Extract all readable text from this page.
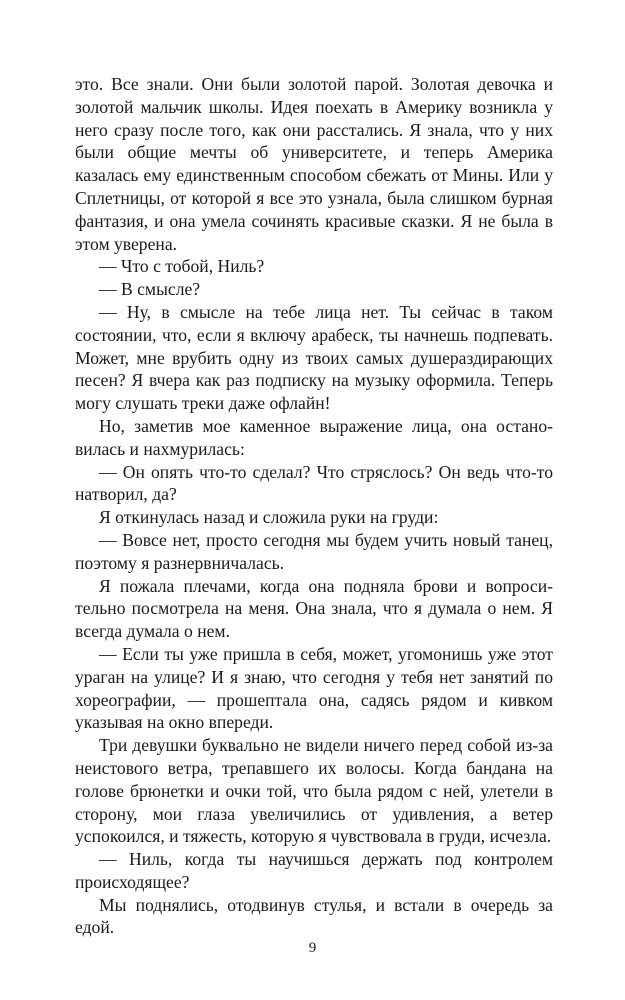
это. Все знали. Они были золотой парой. Золотая девочка и золотой мальчик школы. Идея поехать в Америку возникла у него сразу после того, как они расстались. Я знала, что у них были общие мечты об университете, и теперь Америка казалась ему единственным способом сбежать от Мины. Или у Сплетницы, от которой я все это узнала, была слишком бурная фантазия, и она умела сочинять красивые сказки. Я не была в этом уверена.

— Что с тобой, Ниль?

— В смысле?

— Ну, в смысле на тебе лица нет. Ты сейчас в таком состоянии, что, если я включу арабеск, ты начнешь подпевать. Может, мне врубить одну из твоих самых душераздирающих песен? Я вчера как раз подписку на музыку оформила. Теперь могу слушать треки даже офлайн!

Но, заметив мое каменное выражение лица, она остановилась и нахмурилась:

— Он опять что-то сделал? Что стряслось? Он ведь что-то натворил, да?

Я откинулась назад и сложила руки на груди:

— Вовсе нет, просто сегодня мы будем учить новый танец, поэтому я разнервничалась.

Я пожала плечами, когда она подняла брови и вопросительно посмотрела на меня. Она знала, что я думала о нем. Я всегда думала о нем.

— Если ты уже пришла в себя, может, угомонишь уже этот ураган на улице? И я знаю, что сегодня у тебя нет занятий по хореографии, — прошептала она, садясь рядом и кивком указывая на окно впереди.

Три девушки буквально не видели ничего перед собой из-за неистового ветра, трепавшего их волосы. Когда бандана на голове брюнетки и очки той, что была рядом с ней, улетели в сторону, мои глаза увеличились от удивления, а ветер успокоился, и тяжесть, которую я чувствовала в груди, исчезла.

— Ниль, когда ты научишься держать под контролем происходящее?

Мы поднялись, отодвинув стулья, и встали в очередь за едой.

9
